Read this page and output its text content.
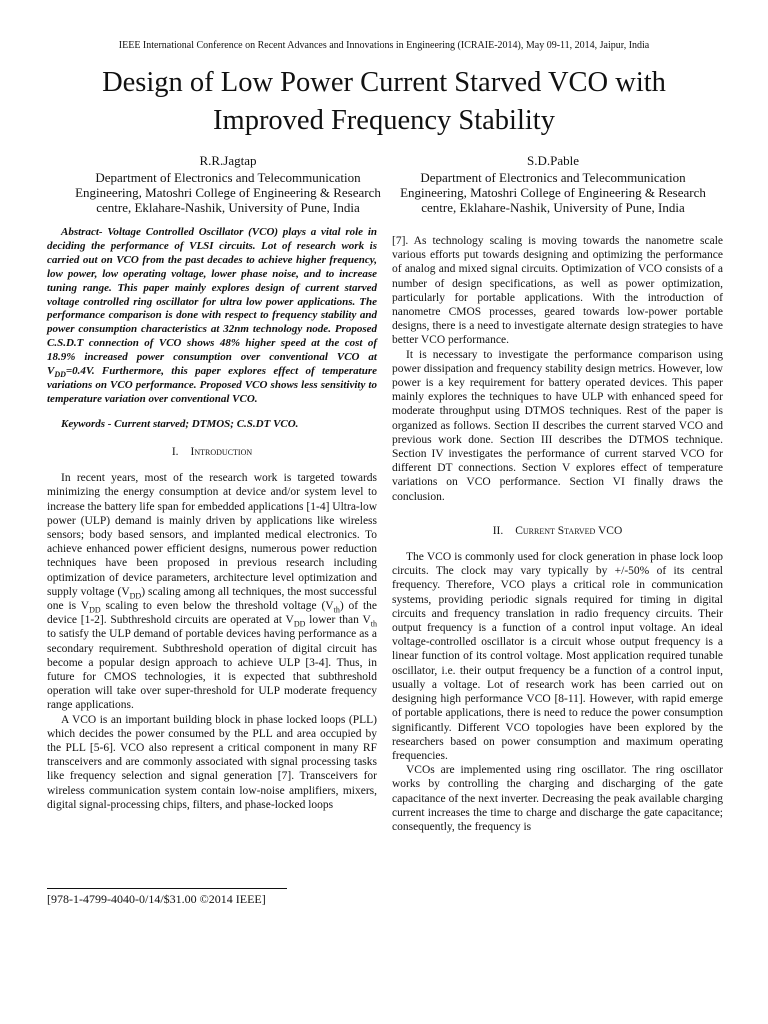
IEEE International Conference on Recent Advances and Innovations in Engineering (ICRAIE-2014), May 09-11, 2014, Jaipur, India
Design of Low Power Current Starved VCO with
Improved Frequency Stability
R.R.Jagtap
Department of Electronics and Telecommunication
Engineering, Matoshri College of Engineering & Research
centre, Eklahare-Nashik, University of Pune, India
S.D.Pable
Department of Electronics and Telecommunication
Engineering, Matoshri College of Engineering & Research
centre, Eklahare-Nashik, University of Pune, India

Abstract- Voltage Controlled Oscillator (VCO) plays a vital role in deciding the performance of VLSI circuits. Lot of research work is carried out on VCO from the past decades to achieve higher frequency, low power, low operating voltage, lower phase noise, and to increase tuning range. This paper mainly explores design of current starved voltage controlled ring oscillator for ultra low power applications. The performance comparison is done with respect to frequency stability and power consumption characteristics at 32nm technology node. Proposed C.S.D.T connection of VCO shows 48% higher speed at the cost of 18.9% increased power consumption over conventional VCO at $V_{DD}=0.4V$. Furthermore, this paper explores effect of temperature variations on VCO performance. Proposed VCO shows less sensitivity to temperature variation over conventional VCO.

Keywords - Current starved; DTMOS; C.S.DT VCO.

I. Introduction

In recent years, most of the research work is targeted towards minimizing the energy consumption at device and/or system level to increase the battery life span for embedded applications [1-4] Ultra-low power (ULP) demand is mainly driven by applications like wireless sensors; body based sensors, and implanted medical electronics. To achieve enhanced power efficient designs, numerous power reduction techniques have been proposed in previous research including optimization of device parameters, architecture level optimization and supply voltage $(V_{DD})$ scaling among all techniques, the most successful one is $V_{DD}$ scaling to even below the threshold voltage $(V_{th})$ of the device [1-2]. Subthreshold circuits are operated at $V_{DD}$ lower than $V_{th}$ to satisfy the ULP demand of portable devices having performance as a secondary requirement. Subthreshold operation of digital circuit has become a popular design approach to achieve ULP [3-4]. Thus, in future for CMOS technologies, it is expected that subthreshold operation will take over super-threshold for ULP moderate frequency range applications.

A VCO is an important building block in phase locked loops (PLL) which decides the power consumed by the PLL and area occupied by the PLL [5-6]. VCO also represent a critical component in many RF transceivers and are commonly associated with signal processing tasks like frequency selection and signal generation [7]. Transceivers for wireless communication system contain low-noise amplifiers, mixers, digital signal-processing chips, filters, and phase-locked loops

[7]. As technology scaling is moving towards the nanometre scale various efforts put towards designing and optimizing the performance of analog and mixed signal circuits. Optimization of VCO consists of a number of design specifications, as well as power optimization, particularly for portable applications. With the introduction of nanometre CMOS processes, geared towards low-power portable designs, there is a need to investigate alternate design strategies to have better VCO performance.

It is necessary to investigate the performance comparison using power dissipation and frequency stability design metrics. However, low power is a key requirement for battery operated devices. This paper mainly explores the techniques to have ULP with enhanced speed for moderate throughput using DTMOS techniques. Rest of the paper is organized as follows. Section II describes the current starved VCO and previous work done. Section III describes the DTMOS technique. Section IV investigates the performance of current starved VCO for different DT connections. Section V explores effect of temperature variations on VCO performance. Section VI finally draws the conclusion.

II. Current Starved VCO

The VCO is commonly used for clock generation in phase lock loop circuits. The clock may vary typically by +/-50% of its central frequency. Therefore, VCO plays a critical role in communication systems, providing periodic signals required for timing in digital circuits and frequency translation in radio frequency circuits. Their output frequency is a function of a control input voltage. An ideal voltage-controlled oscillator is a circuit whose output frequency is a linear function of its control voltage. Most application required tunable oscillator, i.e. their output frequency be a function of a control input, usually a voltage. Lot of research work has been carried out on designing high performance VCO [8-11]. However, with rapid emerge of portable applications, there is need to reduce the power consumption significantly. Different VCO topologies have been explored by the researchers based on power consumption and maximum operating frequencies.

VCOs are implemented using ring oscillator. The ring oscillator works by controlling the charging and discharging of the gate capacitance of the next inverter. Decreasing the peak available charging current increases the time to charge and discharge the gate capacitance; consequently, the frequency is

[978-1-4799-4040-0/14/$31.00 ©2014 IEEE]
